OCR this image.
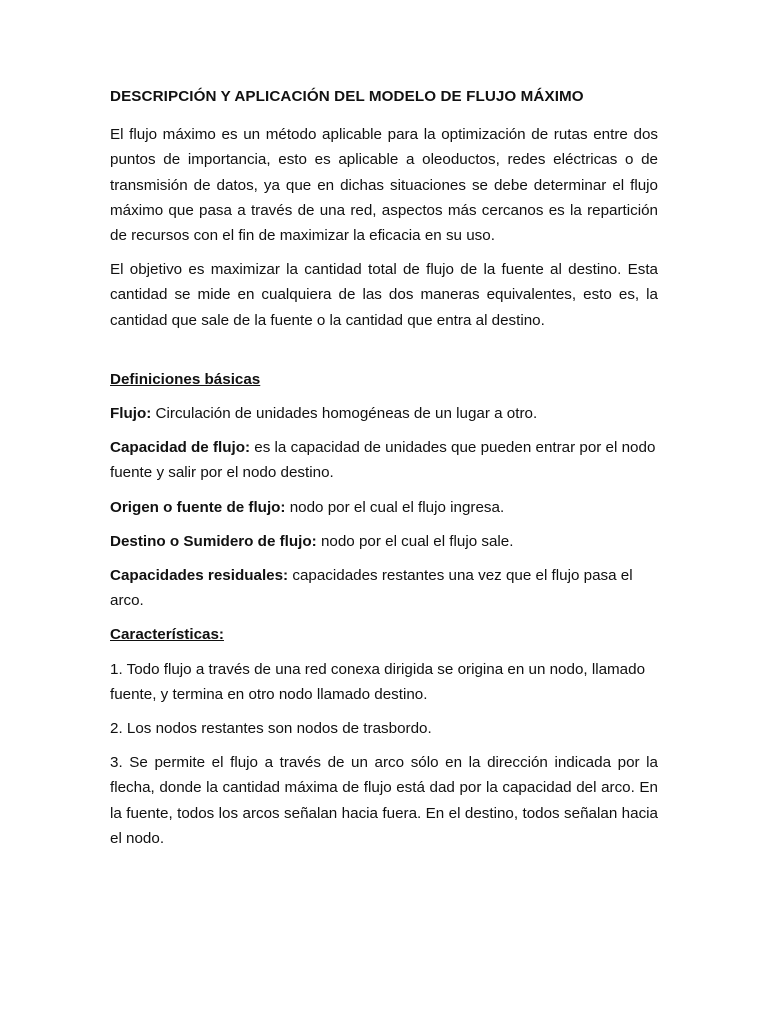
DESCRIPCIÓN Y APLICACIÓN DEL MODELO DE FLUJO MÁXIMO

El flujo máximo es un método aplicable para la optimización de rutas entre dos puntos de importancia, esto es aplicable a oleoductos, redes eléctricas o de transmisión de datos, ya que en dichas situaciones se debe determinar el flujo máximo que pasa a través de una red, aspectos más cercanos es la repartición de recursos con el fin de maximizar la eficacia en su uso.

El objetivo es maximizar la cantidad total de flujo de la fuente al destino. Esta cantidad se mide en cualquiera de las dos maneras equivalentes, esto es, la cantidad que sale de la fuente o la cantidad que entra al destino.

Definiciones básicas

Flujo: Circulación de unidades homogéneas de un lugar a otro.

Capacidad de flujo: es la capacidad de unidades que pueden entrar por el nodo fuente y salir por el nodo destino.

Origen o fuente de flujo: nodo por el cual el flujo ingresa.

Destino o Sumidero de flujo: nodo por el cual el flujo sale.

Capacidades residuales: capacidades restantes una vez que el flujo pasa el arco.

Características:

1. Todo flujo a través de una red conexa dirigida se origina en un nodo, llamado fuente, y termina en otro nodo llamado destino.

2. Los nodos restantes son nodos de trasbordo.

3. Se permite el flujo a través de un arco sólo en la dirección indicada por la flecha, donde la cantidad máxima de flujo está dad por la capacidad del arco. En la fuente, todos los arcos señalan hacia fuera. En el destino, todos señalan hacia el nodo.
